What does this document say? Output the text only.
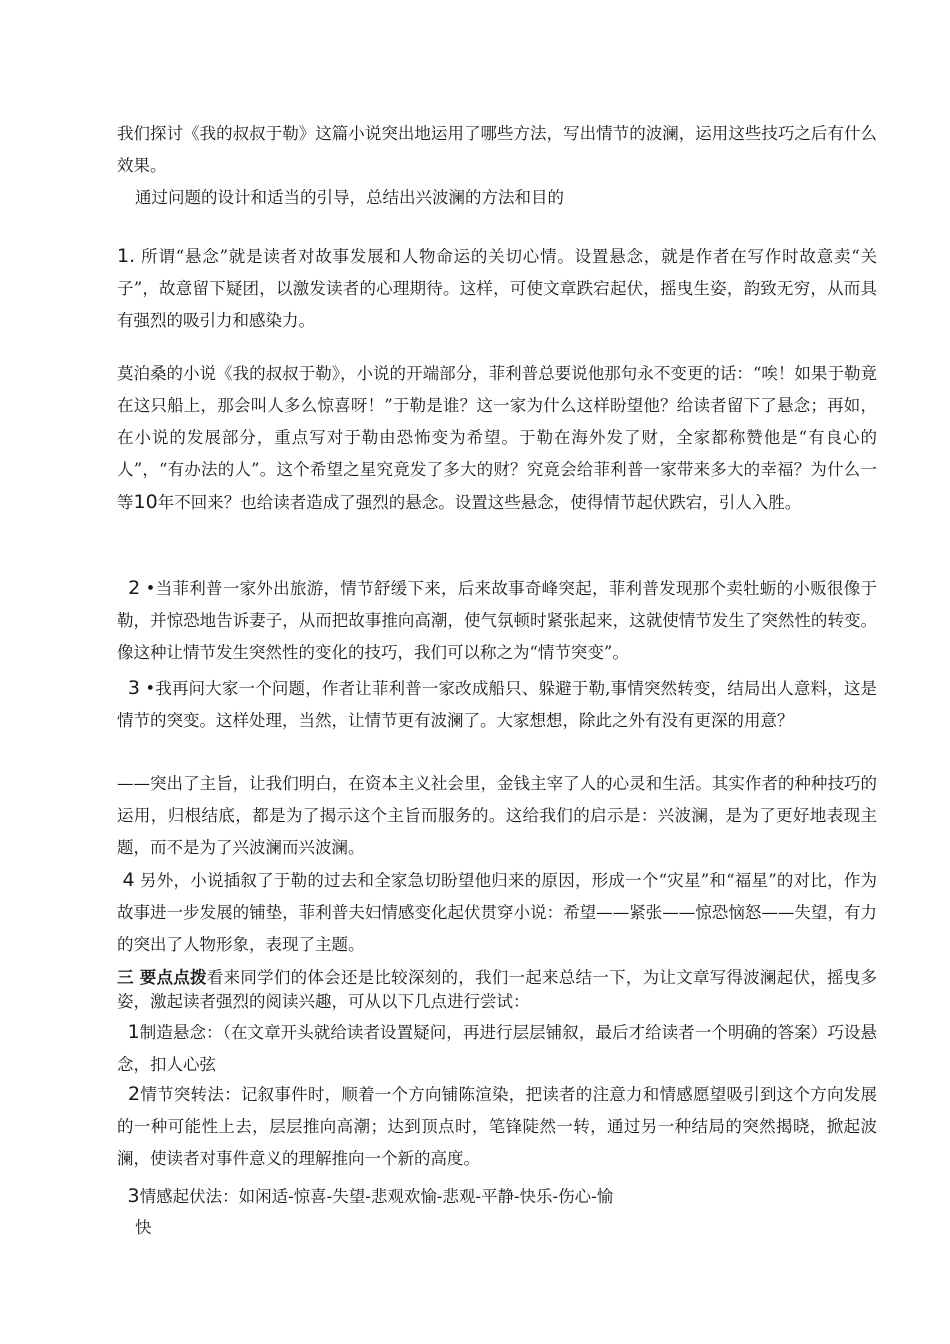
我们探讨《我的叔叔于勒》这篇小说突出地运用了哪些方法，写出情节的波澜，运用这些技巧之后有什么效果。

通过问题的设计和适当的引导，总结出兴波澜的方法和目的

1. 所谓“悬念”就是读者对故事发展和人物命运的关切心情。设置悬念，就是作者在写作时故意卖“关子”，故意留下疑团，以激发读者的心理期待。这样，可使文章跌宕起伏，摇曳生姿，韵致无穷，从而具有强烈的吸引力和感染力。

莫泊桑的小说《我的叔叔于勒》，小说的开端部分，菲利普总要说他那句永不变更的话：“唉！如果于勒竟在这只船上，那会叫人多么惊喜呀！”于勒是谁？这一家为什么这样盼望他？给读者留下了悬念；再如，在小说的发展部分，重点写对于勒由恐怖变为希望。于勒在海外发了财，全家都称赞他是“有良心的人”，“有办法的人”。这个希望之星究竟发了多大的财？究竟会给菲利普一家带来多大的幸福？为什么一等10年不回来？也给读者造成了强烈的悬念。设置这些悬念，使得情节起伏跌宕，引人入胜。

2 •当菲利普一家外出旅游，情节舒缓下来，后来故事奇峰突起，菲利普发现那个卖牡蛎的小贩很像于勒，并惊恐地告诉妻子，从而把故事推向高潮，使气氛顿时紧张起来，这就使情节发生了突然性的转变。像这种让情节发生突然性的变化的技巧，我们可以称之为“情节突变”。

3 •我再问大家一个问题，作者让菲利普一家改成船只、躲避于勒,事情突然转变，结局出人意料，这是情节的突变。这样处理，当然，让情节更有波澜了。大家想想，除此之外有没有更深的用意？

——突出了主旨，让我们明白，在资本主义社会里，金钱主宰了人的心灵和生活。其实作者的种种技巧的运用，归根结底，都是为了揭示这个主旨而服务的。这给我们的启示是：兴波澜，是为了更好地表现主题，而不是为了兴波澜而兴波澜。

4 另外，小说插叙了于勒的过去和全家急切盼望他归来的原因，形成一个“灾星”和“福星”的对比，作为故事进一步发展的铺垫，菲利普夫妇情感变化起伏贯穿小说：希望——紧张——惊恐恼怒——失望，有力的突出了人物形象，表现了主题。

三 要点点拨看来同学们的体会还是比较深刻的，我们一起来总结一下，为让文章写得波澜起伏，摇曳多姿，激起读者强烈的阅读兴趣，可从以下几点进行尝试：

1制造悬念：（在文章开头就给读者设置疑问，再进行层层铺叙，最后才给读者一个明确的答案）巧设悬念，扣人心弦

2情节突转法：记叙事件时，顺着一个方向铺陈渲染，把读者的注意力和情感愿望吸引到这个方向发展的一种可能性上去，层层推向高潮；达到顶点时，笔锋陡然一转，通过另一种结局的突然揭晓，掀起波澜，使读者对事件意义的理解推向一个新的高度。

3情感起伏法：如闲适-惊喜-失望-悲观欢愉-悲观-平静-快乐-伤心-愉

快
